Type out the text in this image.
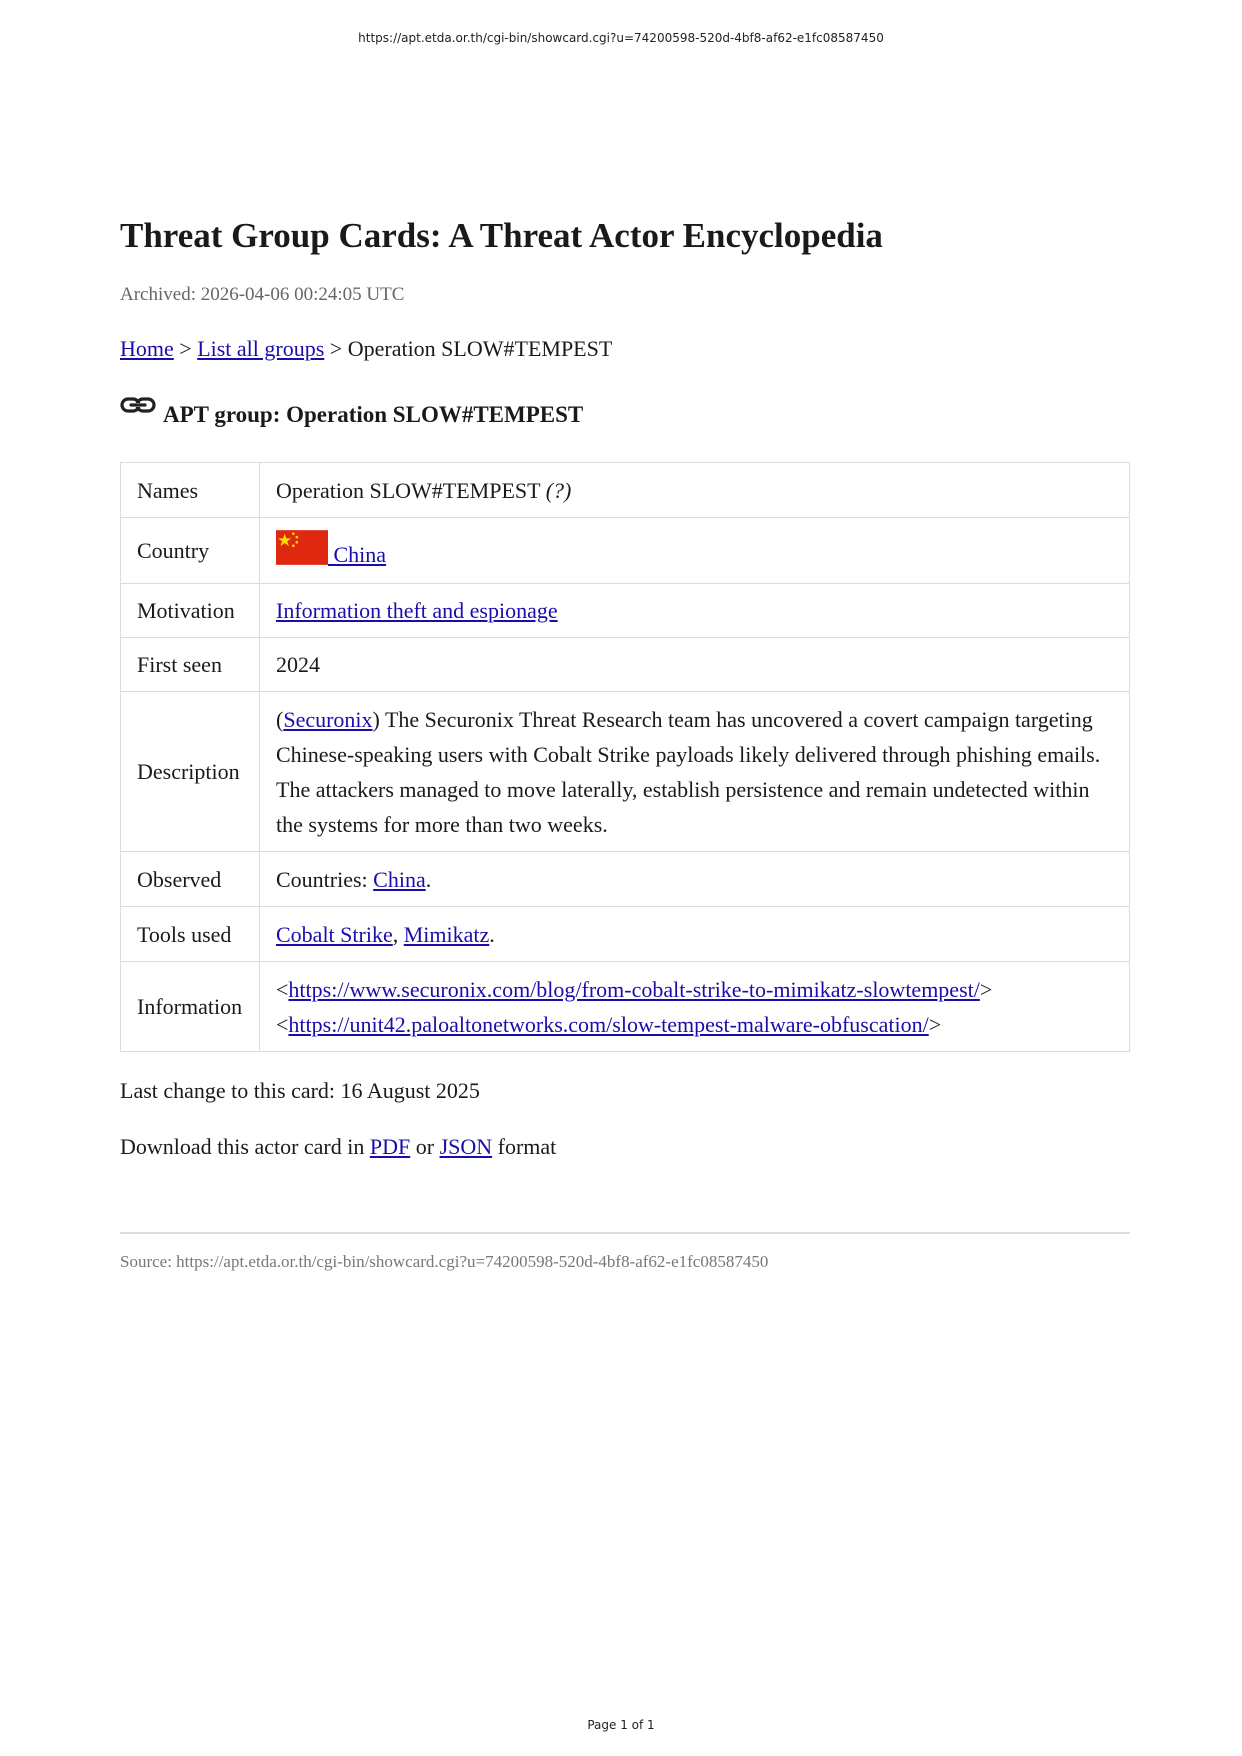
https://apt.etda.or.th/cgi-bin/showcard.cgi?u=74200598-520d-4bf8-af62-e1fc08587450
Threat Group Cards: A Threat Actor Encyclopedia
Archived: 2026-04-06 00:24:05 UTC
Home > List all groups > Operation SLOW#TEMPEST
APT group: Operation SLOW#TEMPEST
Names	Operation SLOW#TEMPEST (?)
Country	China
Motivation	Information theft and espionage
First seen	2024
Description	(Securonix) The Securonix Threat Research team has uncovered a covert campaign targeting Chinese-speaking users with Cobalt Strike payloads likely delivered through phishing emails. The attackers managed to move laterally, establish persistence and remain undetected within the systems for more than two weeks.
Observed	Countries: China.
Tools used	Cobalt Strike, Mimikatz.
Information	<https://www.securonix.com/blog/from-cobalt-strike-to-mimikatz-slowtempest/>
<https://unit42.paloaltonetworks.com/slow-tempest-malware-obfuscation/>
Last change to this card: 16 August 2025
Download this actor card in PDF or JSON format
Source: https://apt.etda.or.th/cgi-bin/showcard.cgi?u=74200598-520d-4bf8-af62-e1fc08587450
Page 1 of 1
